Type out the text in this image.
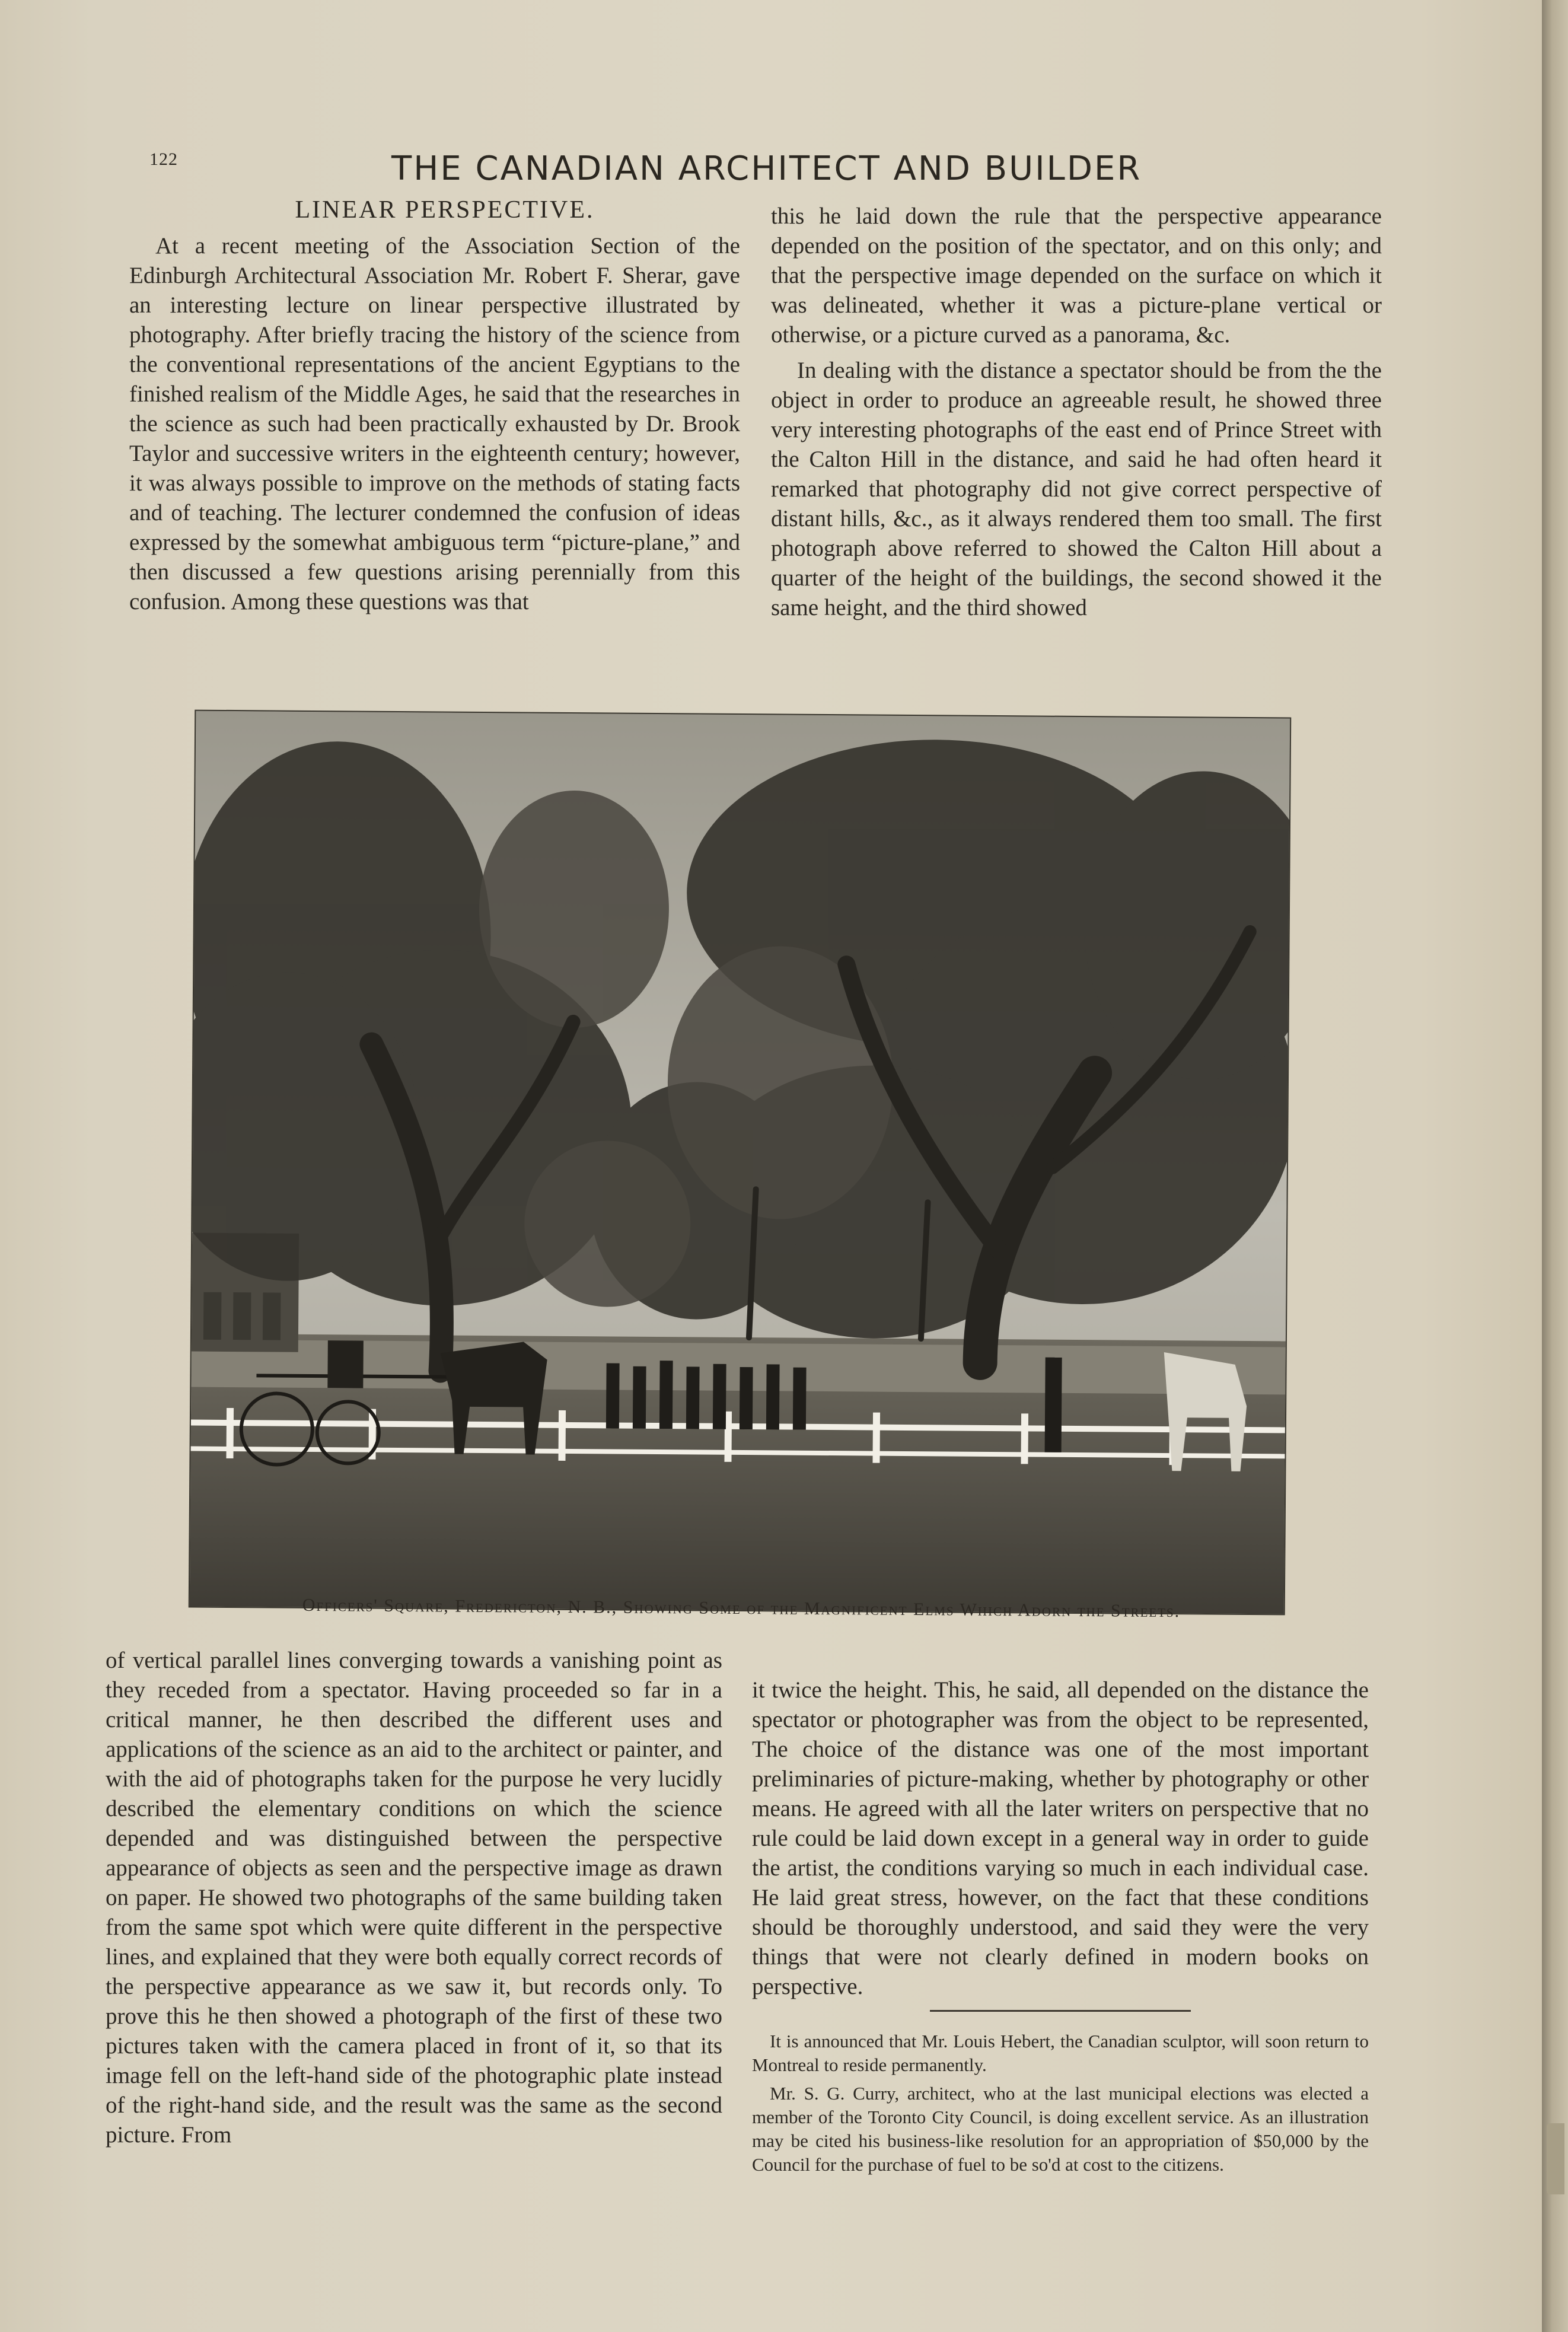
122	THE CANADIAN ARCHITECT AND BUILDER
LINEAR PERSPECTIVE.

At a recent meeting of the Association Section of the Edinburgh Architectural Association Mr. Robert F. Sherar, gave an interesting lecture on linear perspective illustrated by photography. After briefly tracing the history of the science from the conventional representations of the ancient Egyptians to the finished realism of the Middle Ages, he said that the researches in the science as such had been practically exhausted by Dr. Brook Taylor and successive writers in the eighteenth century; however, it was always possible to improve on the methods of stating facts and of teaching. The lecturer condemned the confusion of ideas expressed by the somewhat ambiguous term “picture-plane,” and then discussed a few questions arising perennially from this confusion. Among these questions was that

this he laid down the rule that the perspective appearance depended on the position of the spectator, and on this only; and that the perspective image depended on the surface on which it was delineated, whether it was a picture-plane vertical or otherwise, or a picture curved as a panorama, &c.

In dealing with the distance a spectator should be from the the object in order to produce an agreeable result, he showed three very interesting photographs of the east end of Prince Street with the Calton Hill in the distance, and said he had often heard it remarked that photography did not give correct perspective of distant hills, &c., as it always rendered them too small. The first photograph above referred to showed the Calton Hill about a quarter of the height of the buildings, the second showed it the same height, and the third showed

Officers' Square, Fredericton, N. B., Showing Some of the Magnificent Elms Which Adorn the Streets.

of vertical parallel lines converging towards a vanishing point as they receded from a spectator. Having proceeded so far in a critical manner, he then described the different uses and applications of the science as an aid to the architect or painter, and with the aid of photographs taken for the purpose he very lucidly described the elementary conditions on which the science depended and was distinguished between the perspective appearance of objects as seen and the perspective image as drawn on paper. He showed two photographs of the same building taken from the same spot which were quite different in the perspective lines, and explained that they were both equally correct records of the perspective appearance as we saw it, but records only. To prove this he then showed a photograph of the first of these two pictures taken with the camera placed in front of it, so that its image fell on the left-hand side of the photographic plate instead of the right-hand side, and the result was the same as the second picture. From

it twice the height. This, he said, all depended on the distance the spectator or photographer was from the object to be represented, The choice of the distance was one of the most important preliminaries of picture-making, whether by photography or other means. He agreed with all the later writers on perspective that no rule could be laid down except in a general way in order to guide the artist, the conditions varying so much in each individual case. He laid great stress, however, on the fact that these conditions should be thoroughly understood, and said they were the very things that were not clearly defined in modern books on perspective.

It is announced that Mr. Louis Hebert, the Canadian sculptor, will soon return to Montreal to reside permanently.

Mr. S. G. Curry, architect, who at the last municipal elections was elected a member of the Toronto City Council, is doing excellent service. As an illustration may be cited his business-like resolution for an appropriation of $50,000 by the Council for the purchase of fuel to be so'd at cost to the citizens.
